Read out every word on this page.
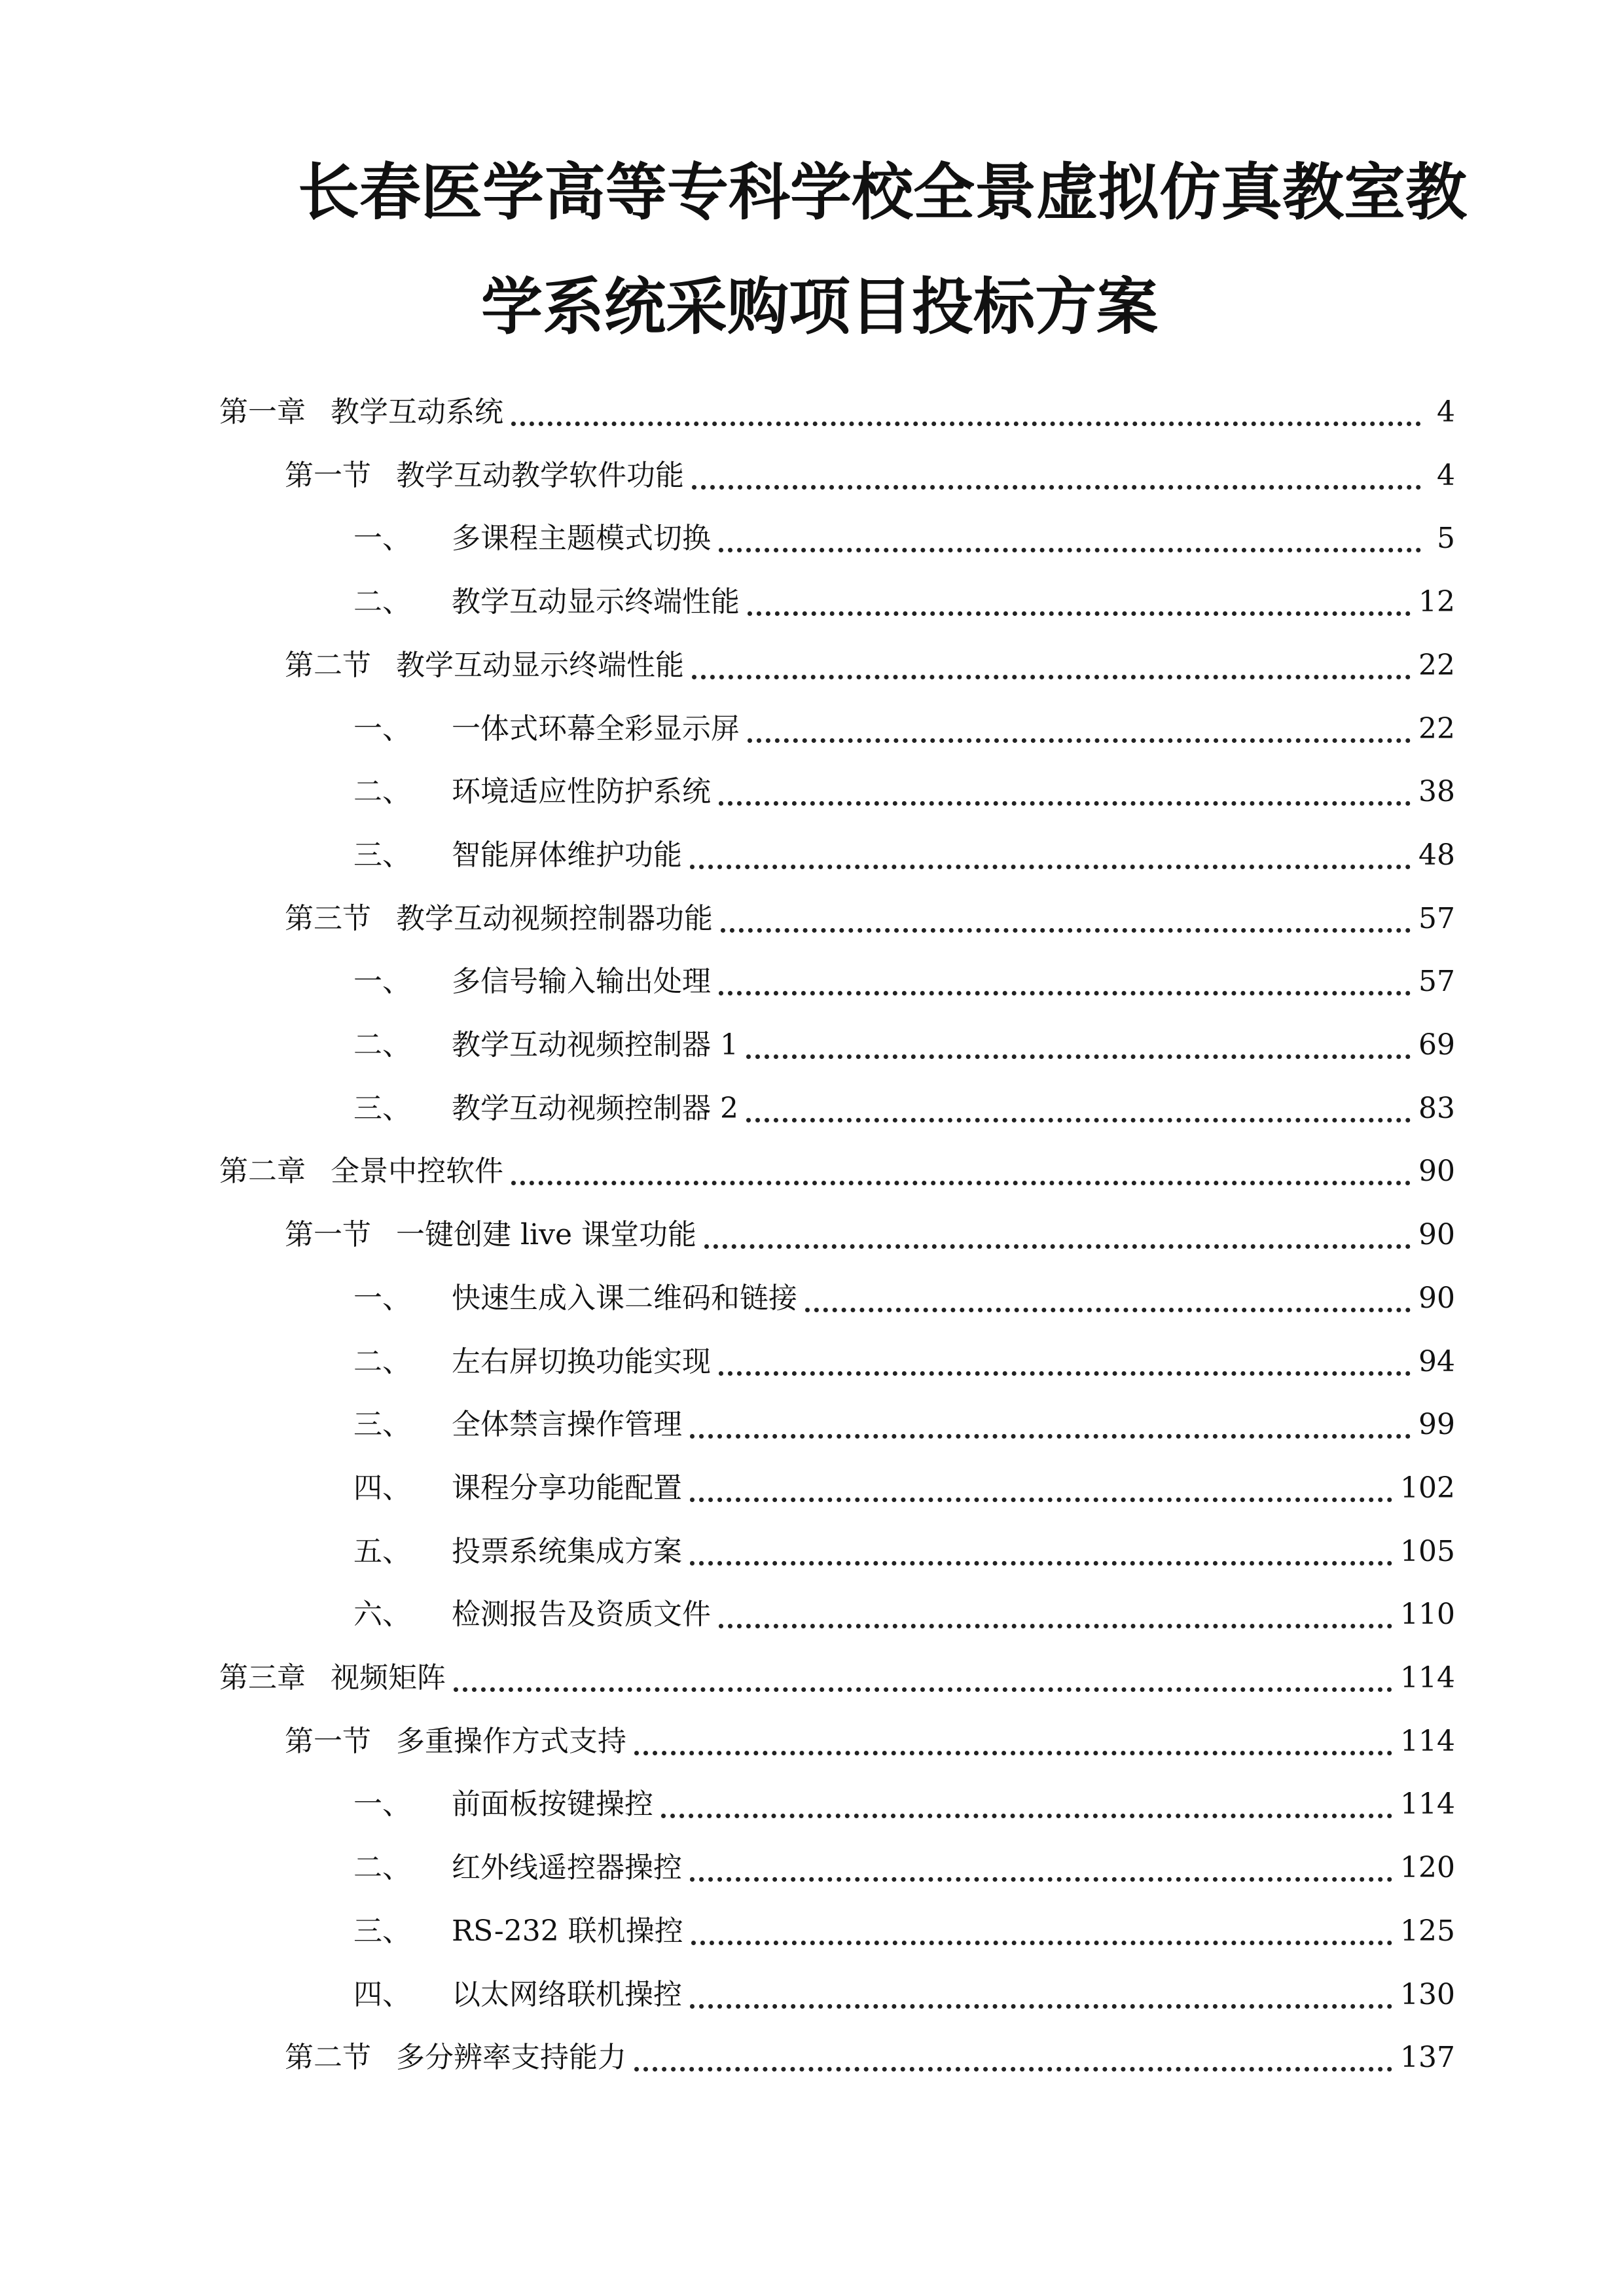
长春医学高等专科学校全景虚拟仿真教室教
学系统采购项目投标方案
第一章 教学互动系统	4
第一节 教学互动教学软件功能	4
一、	多课程主题模式切换	5
二、	教学互动显示终端性能	12
第二节 教学互动显示终端性能	22
一、	一体式环幕全彩显示屏	22
二、	环境适应性防护系统	38
三、	智能屏体维护功能	48
第三节 教学互动视频控制器功能	57
一、	多信号输入输出处理	57
二、	教学互动视频控制器 1	69
三、	教学互动视频控制器 2	83
第二章 全景中控软件	90
第一节 一键创建 live 课堂功能	90
一、	快速生成入课二维码和链接	90
二、	左右屏切换功能实现	94
三、	全体禁言操作管理	99
四、	课程分享功能配置	102
五、	投票系统集成方案	105
六、	检测报告及资质文件	110
第三章 视频矩阵	114
第一节 多重操作方式支持	114
一、	前面板按键操控	114
二、	红外线遥控器操控	120
三、	RS-232 联机操控	125
四、	以太网络联机操控	130
第二节 多分辨率支持能力	137
